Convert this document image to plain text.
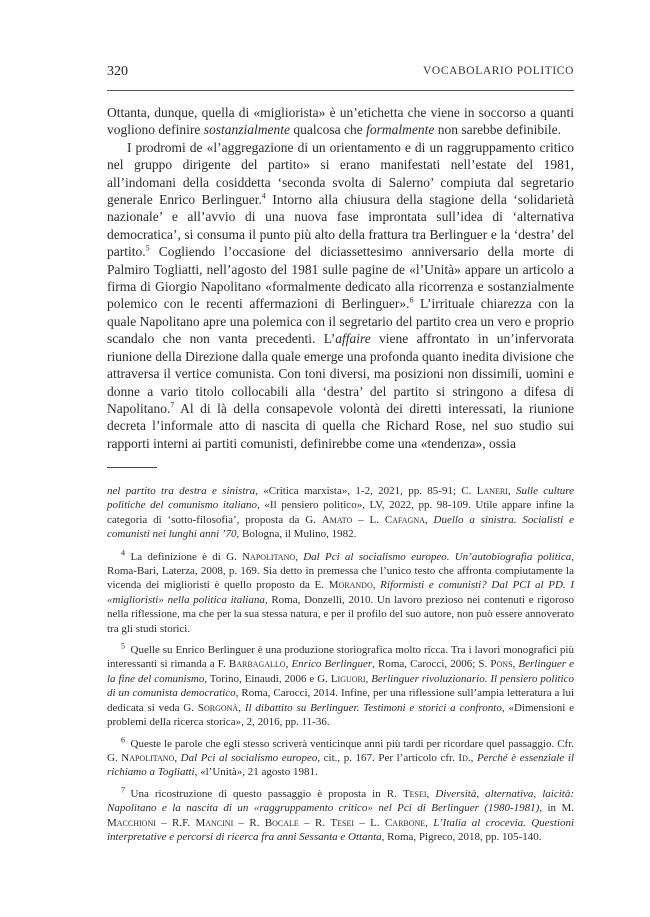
320	VOCABOLARIO POLITICO

Ottanta, dunque, quella di «migliorista» è un’etichetta che viene in soccorso a quanti vogliono definire sostanzialmente qualcosa che formalmente non sarebbe definibile.

I prodromi de «l’aggregazione di un orientamento e di un raggruppamento critico nel gruppo dirigente del partito» si erano manifestati nell’estate del 1981, all’indomani della cosiddetta ‘seconda svolta di Salerno’ compiuta dal segretario generale Enrico Berlinguer.$^4$ Intorno alla chiusura della stagione della ‘solidarietà nazionale’ e all’avvio di una nuova fase improntata sull’idea di ‘alternativa democratica’, si consuma il punto più alto della frattura tra Berlinguer e la ‘destra’ del partito.$^5$ Cogliendo l’occasione del diciassettesimo anniversario della morte di Palmiro Togliatti, nell’agosto del 1981 sulle pagine de «l’Unità» appare un articolo a firma di Giorgio Napolitano «formalmente dedicato alla ricorrenza e sostanzialmente polemico con le recenti affermazioni di Berlinguer».$^6$ L’irrituale chiarezza con la quale Napolitano apre una polemica con il segretario del partito crea un vero e proprio scandalo che non vanta precedenti. L’affaire viene affrontato in un’infervorata riunione della Direzione dalla quale emerge una profonda quanto inedita divisione che attraversa il vertice comunista. Con toni diversi, ma posizioni non dissimili, uomini e donne a vario titolo collocabili alla ‘destra’ del partito si stringono a difesa di Napolitano.$^7$ Al di là della consapevole volontà dei diretti interessati, la riunione decreta l’informale atto di nascita di quella che Richard Rose, nel suo studio sui rapporti interni ai partiti comunisti, definirebbe come una «tendenza», ossia

nel partito tra destra e sinistra, «Critica marxista», 1-2, 2021, pp. 85-91; C. Laneri, Sulle culture politiche del comunismo italiano, «Il pensiero politico», LV, 2022, pp. 98-109. Utile appare infine la categoria di ‘sotto-filosofia’, proposta da G. Amato – L. Cafagna, Duello a sinistra. Socialisti e comunisti nei lunghi anni ’70, Bologna, il Mulino, 1982.
$^4$  La definizione è di G. Napolitano, Dal Pci al socialismo europeo. Un’autobiografia politica, Roma-Bari, Laterza, 2008, p. 169. Sia detto in premessa che l’unico testo che affronta compiutamente la vicenda dei miglioristi è quello proposto da E. Morando, Riformisti e comunisti? Dal PCI al PD. I «miglioristi» nella politica italiana, Roma, Donzelli, 2010. Un lavoro prezioso nei contenuti e rigoroso nella riflessione, ma che per la sua stessa natura, e per il profilo del suo autore, non può essere annoverato tra gli studi storici.
$^5$  Quelle su Enrico Berlinguer è una produzione storiografica molto ricca. Tra i lavori monografici più interessanti si rimanda a F. Barbagallo, Enrico Berlinguer, Roma, Carocci, 2006; S. Pons, Berlinguer e la fine del comunismo, Torino, Einaudi, 2006 e G. Liguori, Berlinguer rivoluzionario. Il pensiero politico di un comunista democratico, Roma, Carocci, 2014. Infine, per una riflessione sull’ampia letteratura a lui dedicata si veda G. Sorgonà, Il dibattito su Berlinguer. Testimoni e storici a confronto, «Dimensioni e problemi della ricerca storica», 2, 2016, pp. 11-36.
$^6$  Queste le parole che egli stesso scriverà venticinque anni più tardi per ricordare quel passaggio. Cfr. G. Napolitano, Dal Pci al socialismo europeo, cit., p. 167. Per l’articolo cfr. Id., Perché è essenziale il richiamo a Togliatti, «l’Unità», 21 agosto 1981.
$^7$  Una ricostruzione di questo passaggio è proposta in R. Tesei, Diversità, alternativa, laicità: Napolitano e la nascita di un «raggruppamento critico» nel Pci di Berlinguer (1980-1981), in M. Macchioni – R.F. Mancini – R. Bocale – R. Tesei – L. Carbone, L’Italia al crocevia. Questioni interpretative e percorsi di ricerca fra anni Sessanta e Ottanta, Roma, Pigreco, 2018, pp. 105-140.
